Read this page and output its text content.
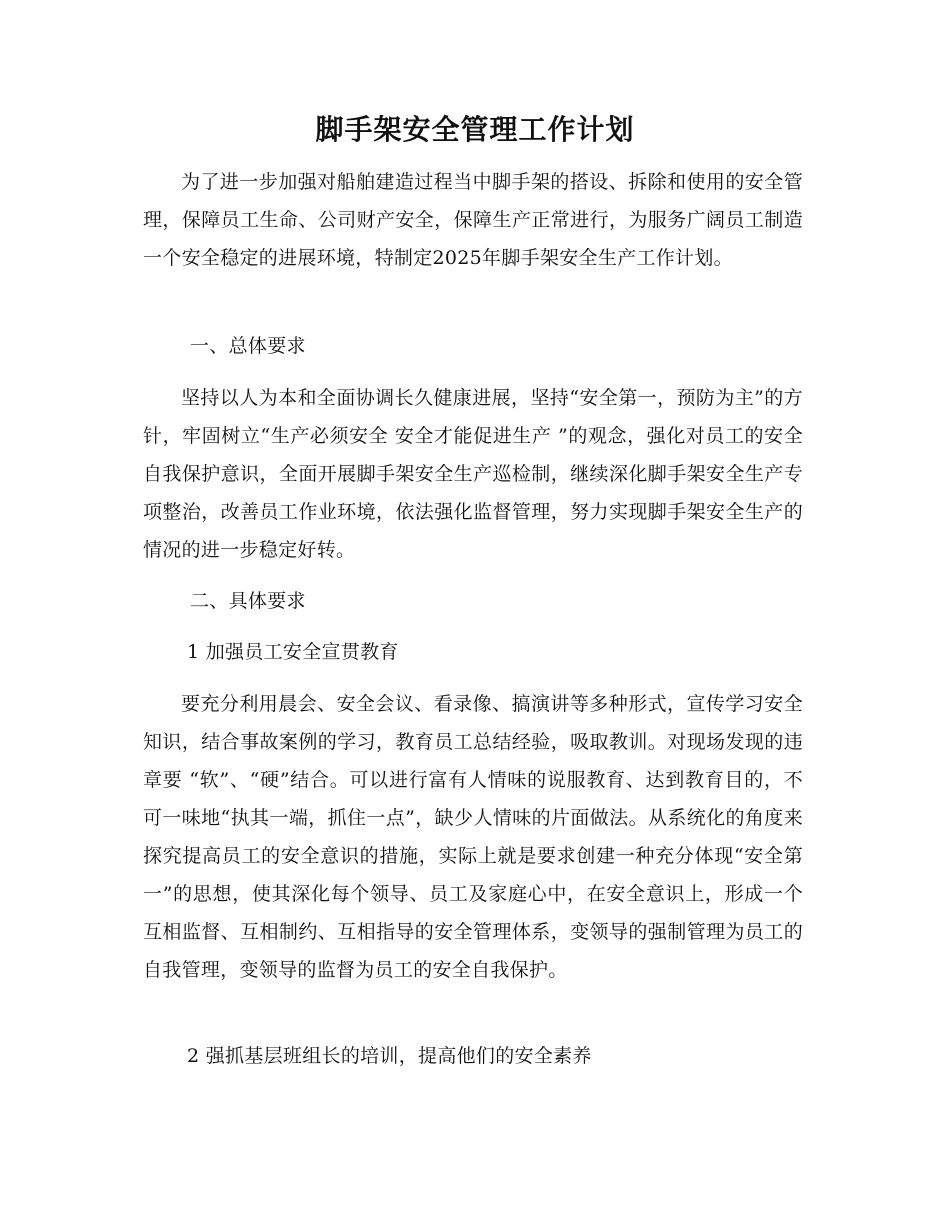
脚手架安全管理工作计划

为了进一步加强对船舶建造过程当中脚手架的搭设、拆除和使用的安全管理，保障员工生命、公司财产安全，保障生产正常进行，为服务广阔员工制造一个安全稳定的进展环境，特制定2025年脚手架安全生产工作计划。

一、总体要求

坚持以人为本和全面协调长久健康进展，坚持“安全第一，预防为主”的方针，牢固树立“生产必须安全 安全才能促进生产 ”的观念，强化对员工的安全自我保护意识，全面开展脚手架安全生产巡检制，继续深化脚手架安全生产专项整治，改善员工作业环境，依法强化监督管理，努力实现脚手架安全生产的情况的进一步稳定好转。

二、具体要求

1 加强员工安全宣贯教育

要充分利用晨会、安全会议、看录像、搞演讲等多种形式，宣传学习安全知识，结合事故案例的学习，教育员工总结经验，吸取教训。对现场发现的违章要 “软”、“硬”结合。可以进行富有人情味的说服教育、达到教育目的，不可一味地“执其一端，抓住一点”，缺少人情味的片面做法。从系统化的角度来探究提高员工的安全意识的措施，实际上就是要求创建一种充分体现“安全第一”的思想，使其深化每个领导、员工及家庭心中，在安全意识上，形成一个互相监督、互相制约、互相指导的安全管理体系，变领导的强制管理为员工的自我管理，变领导的监督为员工的安全自我保护。

2 强抓基层班组长的培训，提高他们的安全素养
